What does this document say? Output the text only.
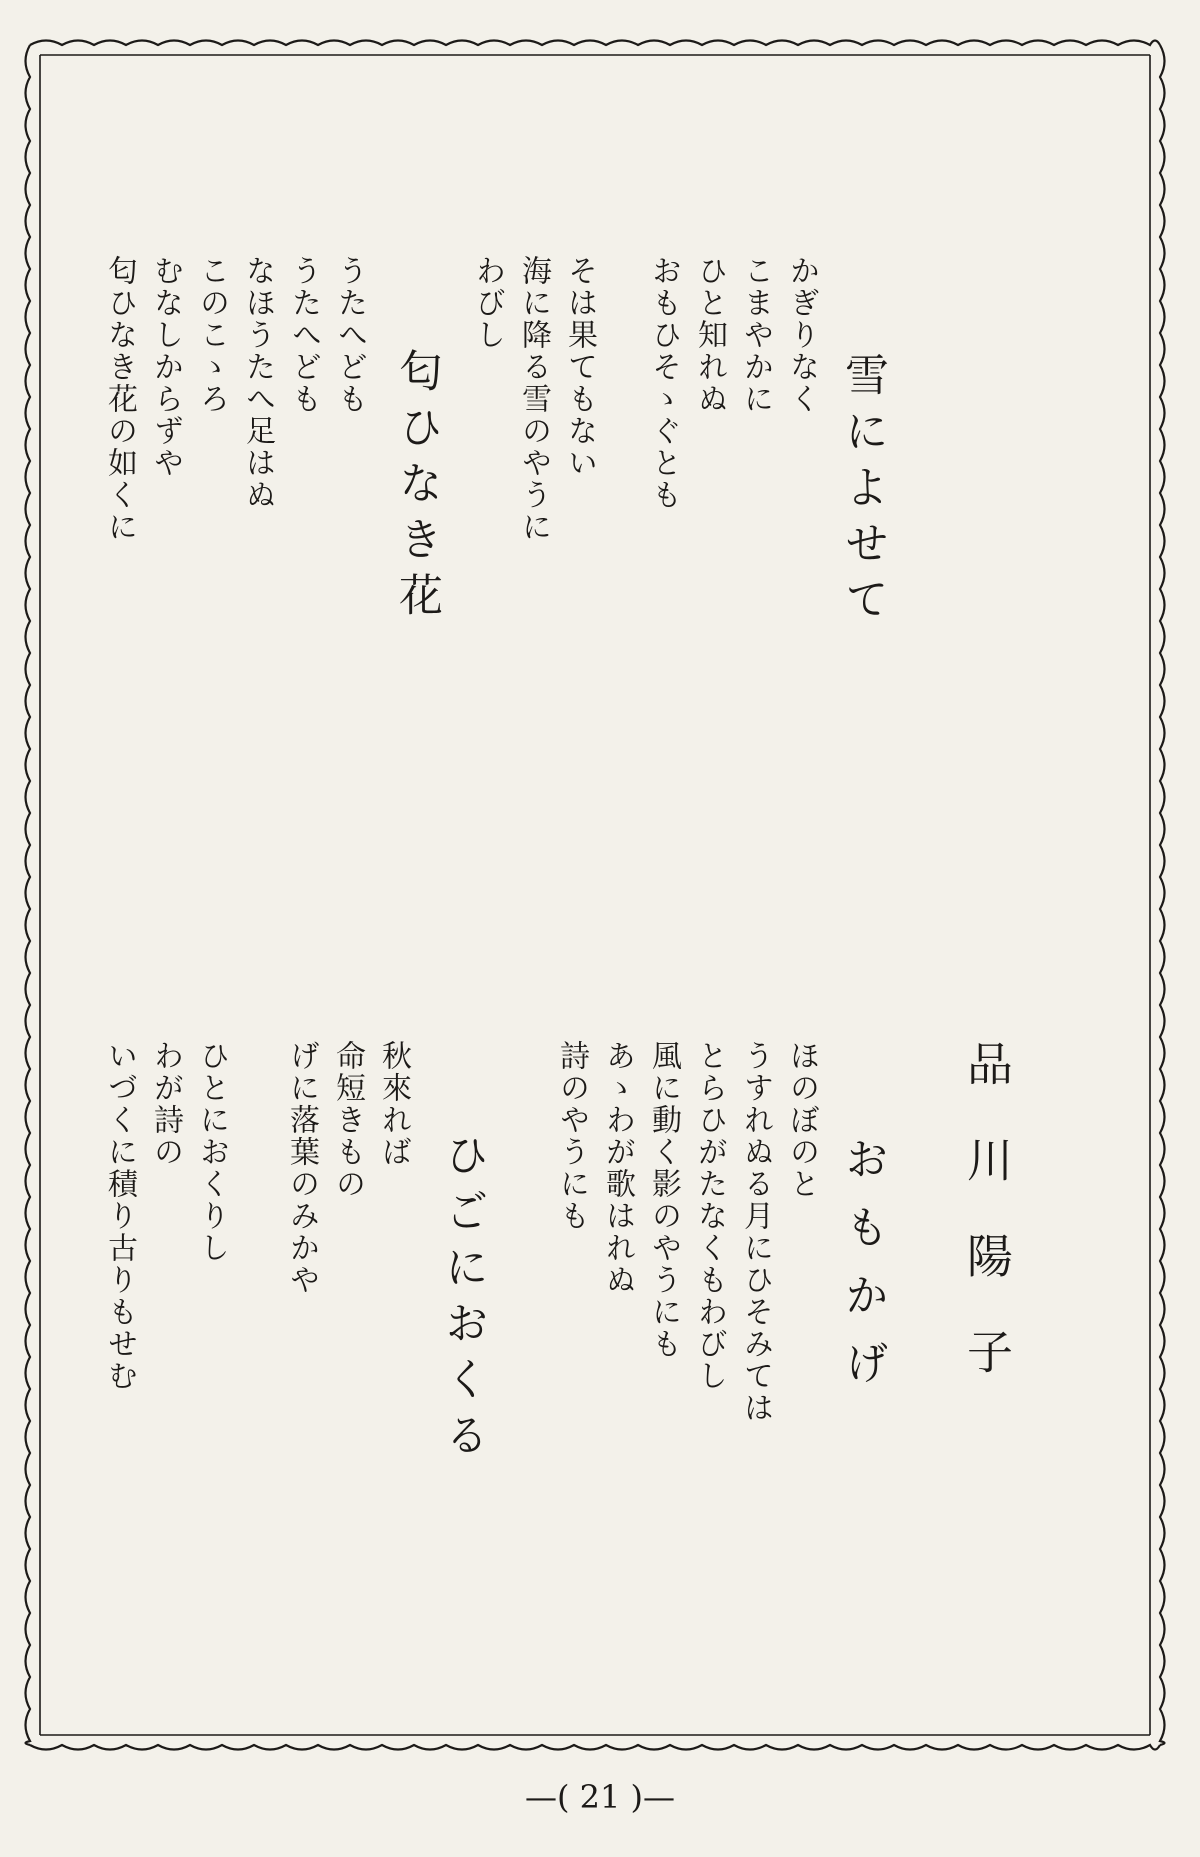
品川陽子
雪によせて
かぎりなく
こまやかに
ひと知れぬ
おもひそゝぐとも
そは果てもない
海に降る雪のやうに
わびし
匂ひなき花
うたへども
うたへども
なほうたへ足はぬ
このこゝろ
むなしからずや
匂ひなき花の如くに
おもかげ
ほのぼのと
うすれぬる月にひそみては
とらひがたなくもわびし
風に動く影のやうにも
あゝわが歌はれぬ
詩のやうにも
ひごにおくる
秋來れば
命短きもの
げに落葉のみかや
ひとにおくりし
わが詩の
いづくに積り古りもせむ
—( 21 )—
